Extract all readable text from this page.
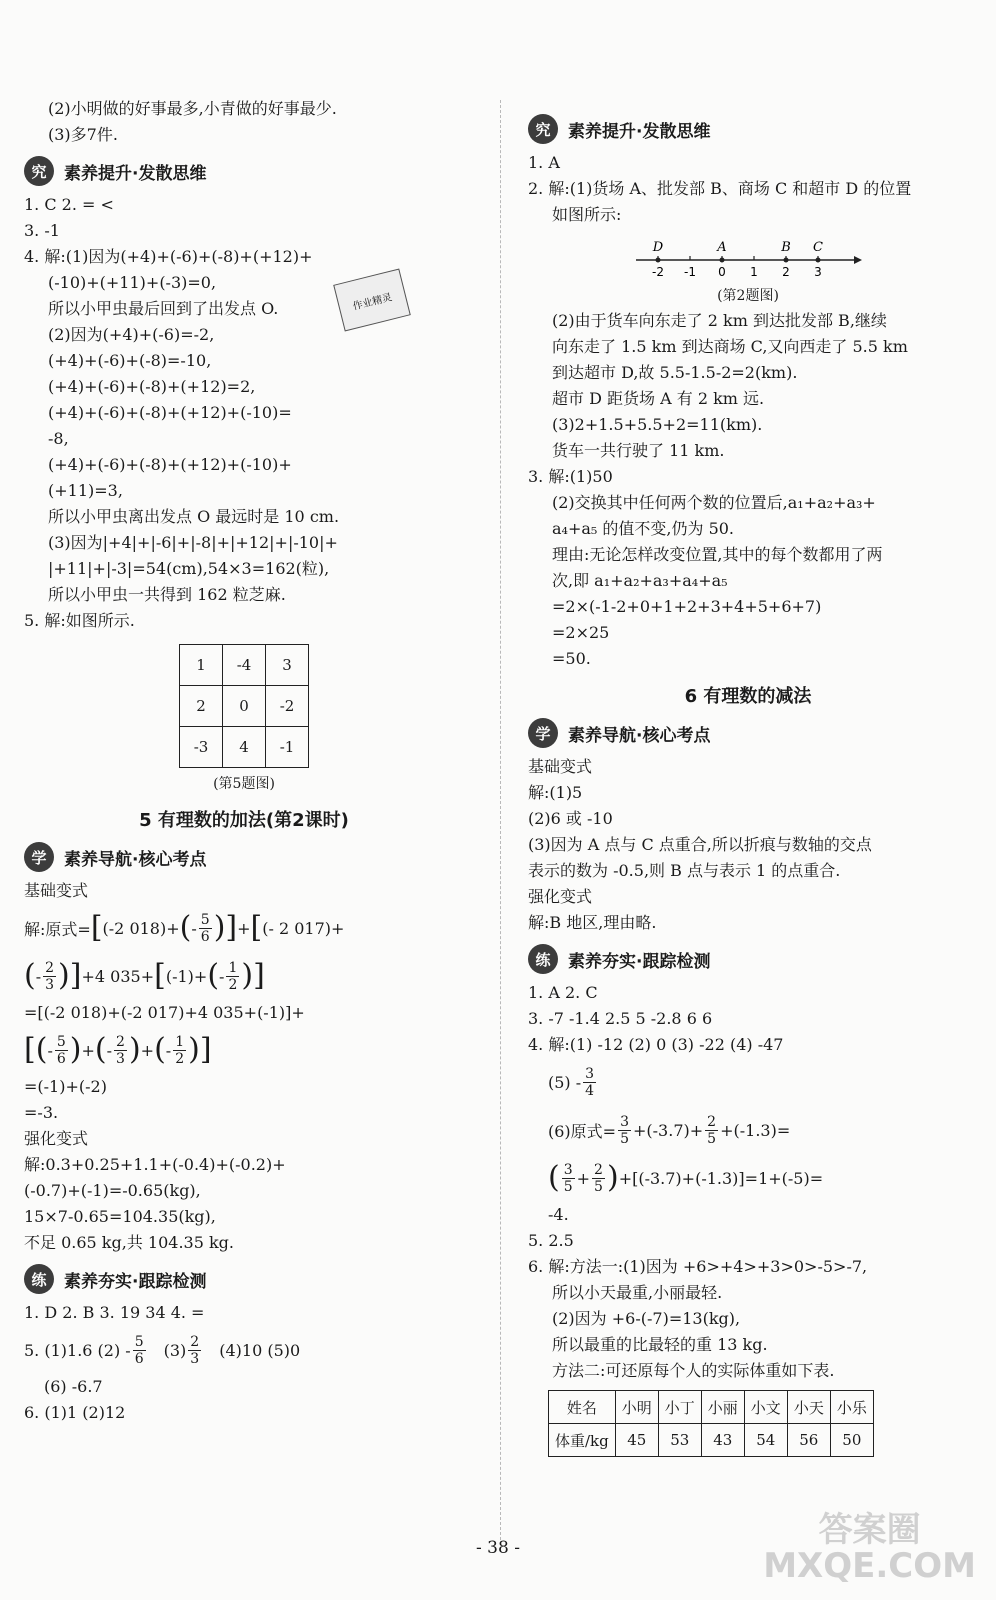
(2)小明做的好事最多,小青做的好事最少.
(3)多7件.
究	素养提升·发散思维
1. C 2. = <
3. -1
4. 解:(1)因为(+4)+(-6)+(-8)+(+12)+
(-10)+(+11)+(-3)=0,
所以小甲虫最后回到了出发点 O.
(2)因为(+4)+(-6)=-2,
(+4)+(-6)+(-8)=-10,
(+4)+(-6)+(-8)+(+12)=2,
(+4)+(-6)+(-8)+(+12)+(-10)=
-8,
(+4)+(-6)+(-8)+(+12)+(-10)+
(+11)=3,
所以小甲虫离出发点 O 最远时是 10 cm.
(3)因为|+4|+|-6|+|-8|+|+12|+|-10|+
|+11|+|-3|=54(cm),54×3=162(粒),
所以小甲虫一共得到 162 粒芝麻.
5. 解:如图所示.
1	-4	3
2	0	-2
-3	4	-1
(第5题图)
5 有理数的加法(第2课时)
学	素养导航·核心考点
基础变式
解:原式= [ (-2 018)+ ( - $\frac{5}{6}$ ) ] + [ (- 2 017)+
( - $\frac{2}{3}$ ) ] +4 035+ [ (-1)+ ( - $\frac{1}{2}$ ) ]
=[(-2 018)+(-2 017)+4 035+(-1)]+
[ ( - $\frac{5}{6}$ ) + ( - $\frac{2}{3}$ ) + ( - $\frac{1}{2}$ ) ]
=(-1)+(-2)
=-3.
强化变式
解:0.3+0.25+1.1+(-0.4)+(-0.2)+
(-0.7)+(-1)=-0.65(kg),
15×7-0.65=104.35(kg),
不足 0.65 kg,共 104.35 kg.
练	素养夯实·跟踪检测
1. D 2. B 3. 19 34 4. =
5. (1)1.6 $(2) - \frac{5}{6} (3) \frac{2}{3} (4)10$ (5)0
(6) -6.7
6. (1)1 (2)12
作业精灵
究	素养提升·发散思维
1. A
2. 解:(1)货场 A、批发部 B、商场 C 和超市 D 的位置
如图所示:
-2 -1 0 1 2 3
D	A	B C
(第2题图)
(2)由于货车向东走了 2 km 到达批发部 B,继续
向东走了 1.5 km 到达商场 C,又向西走了 5.5 km
到达超市 D,故 5.5-1.5-2=2(km).
超市 D 距货场 A 有 2 km 远.
(3)2+1.5+5.5+2=11(km).
货车一共行驶了 11 km.
3. 解:(1)50
(2)交换其中任何两个数的位置后,a₁+a₂+a₃+
a₄+a₅ 的值不变,仍为 50.
理由:无论怎样改变位置,其中的每个数都用了两
次,即 a₁+a₂+a₃+a₄+a₅
=2×(-1-2+0+1+2+3+4+5+6+7)
=2×25
=50.
6 有理数的减法
学	素养导航·核心考点
基础变式
解:(1)5
(2)6 或 -10
(3)因为 A 点与 C 点重合,所以折痕与数轴的交点
表示的数为 -0.5,则 B 点与表示 1 的点重合.
强化变式
解:B 地区,理由略.
练	素养夯实·跟踪检测
1. A 2. C
3. -7 -1.4 2.5 5 -2.8 6 6
4. 解:(1) -12 (2) 0 (3) -22 (4) -47
$(5) - \frac{3}{4}$
(6)原式= $\frac{3}{5} +(-3.7)+ \frac{2}{5} +(-1.3)=$
( $\frac{3}{5} + \frac{2}{5}$ ) +[(-3.7)+(-1.3)]=1+(-5)=
-4.
5. 2.5
6. 解:方法一:(1)因为 +6>+4>+3>0>-5>-7,
所以小天最重,小丽最轻.
(2)因为 +6-(-7)=13(kg),
所以最重的比最轻的重 13 kg.
方法二:可还原每个人的实际体重如下表.
姓名	小明	小丁	小丽	小文	小天	小乐
体重/kg	45	53	43	54	56	50
- 38 -	答案圈
MXQE.COM
